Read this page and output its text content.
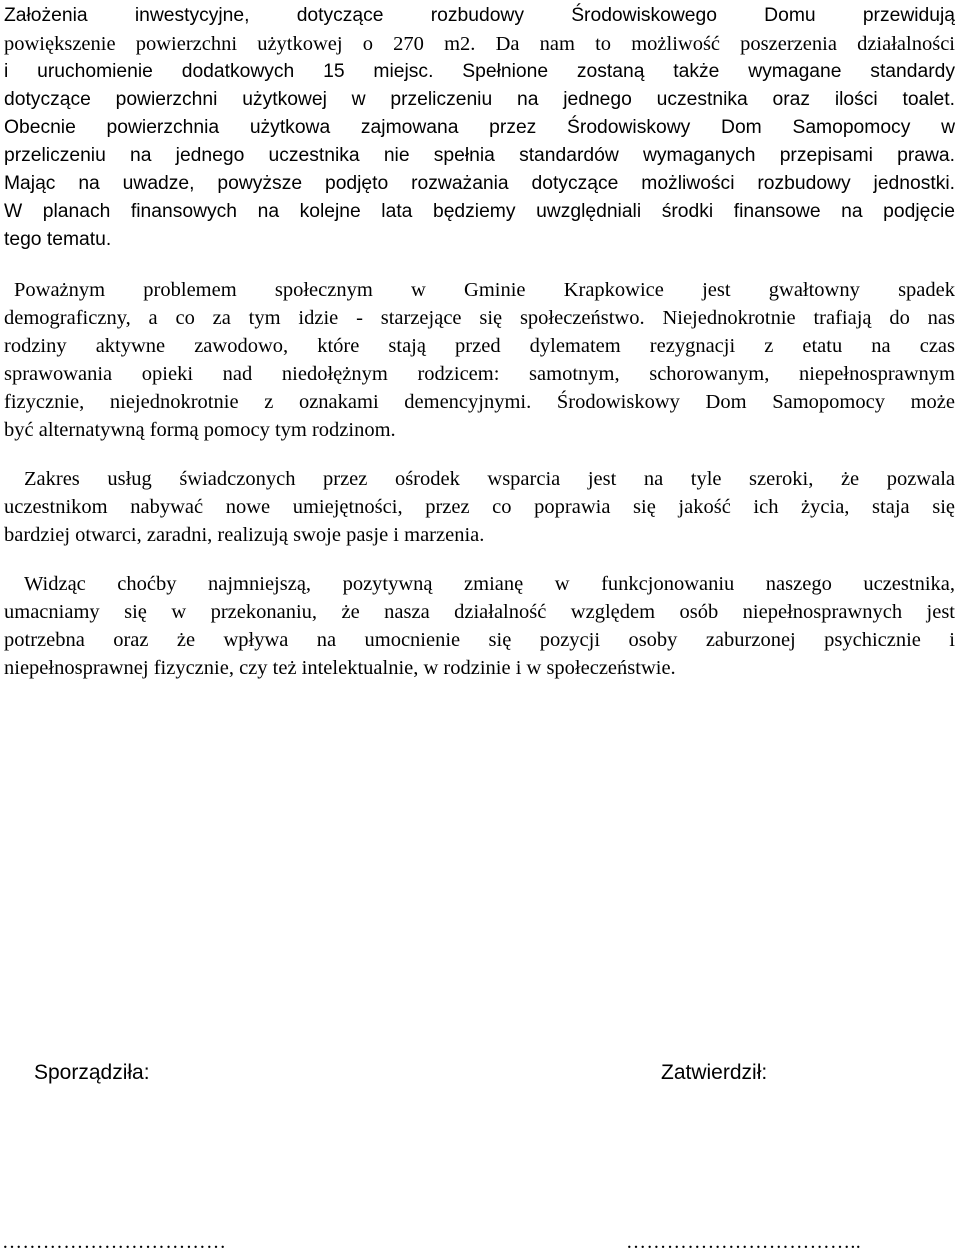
Założenia inwestycyjne, dotyczące rozbudowy Środowiskowego Domu przewidują
powiększenie powierzchni użytkowej o 270 m2. Da nam to możliwość poszerzenia działalności
i uruchomienie dodatkowych 15 miejsc. Spełnione zostaną także wymagane standardy
dotyczące powierzchni użytkowej w przeliczeniu na jednego uczestnika oraz ilości toalet.
Obecnie powierzchnia użytkowa zajmowana przez Środowiskowy Dom Samopomocy w
przeliczeniu na jednego uczestnika nie spełnia standardów wymaganych przepisami prawa.
Mając na uwadze, powyższe podjęto rozważania dotyczące możliwości rozbudowy jednostki.
W planach finansowych na kolejne lata będziemy uwzględniali środki finansowe na podjęcie
tego tematu.
Poważnym problemem społecznym w Gminie Krapkowice jest gwałtowny spadek
demograficzny, a co za tym idzie - starzejące się społeczeństwo. Niejednokrotnie trafiają do nas
rodziny aktywne zawodowo, które stają przed dylematem rezygnacji z etatu na czas
sprawowania opieki nad niedołężnym rodzicem: samotnym, schorowanym, niepełnosprawnym
fizycznie, niejednokrotnie z oznakami demencyjnymi. Środowiskowy Dom Samopomocy może
być alternatywną formą pomocy tym rodzinom.
Zakres usług świadczonych przez ośrodek wsparcia jest na tyle szeroki, że pozwala
uczestnikom nabywać nowe umiejętności, przez co poprawia się jakość ich życia, staja się
bardziej otwarci, zaradni, realizują swoje pasje i marzenia.
Widząc choćby najmniejszą, pozytywną zmianę w funkcjonowaniu naszego uczestnika,
umacniamy się w przekonaniu, że nasza działalność względem osób niepełnosprawnych jest
potrzebna oraz że wpływa na umocnienie się pozycji osoby zaburzonej psychicznie i
niepełnosprawnej fizycznie, czy też intelektualnie, w rodzinie i w społeczeństwie.
Sporządziła:	Zatwierdził:
……………………………	……………………………..
